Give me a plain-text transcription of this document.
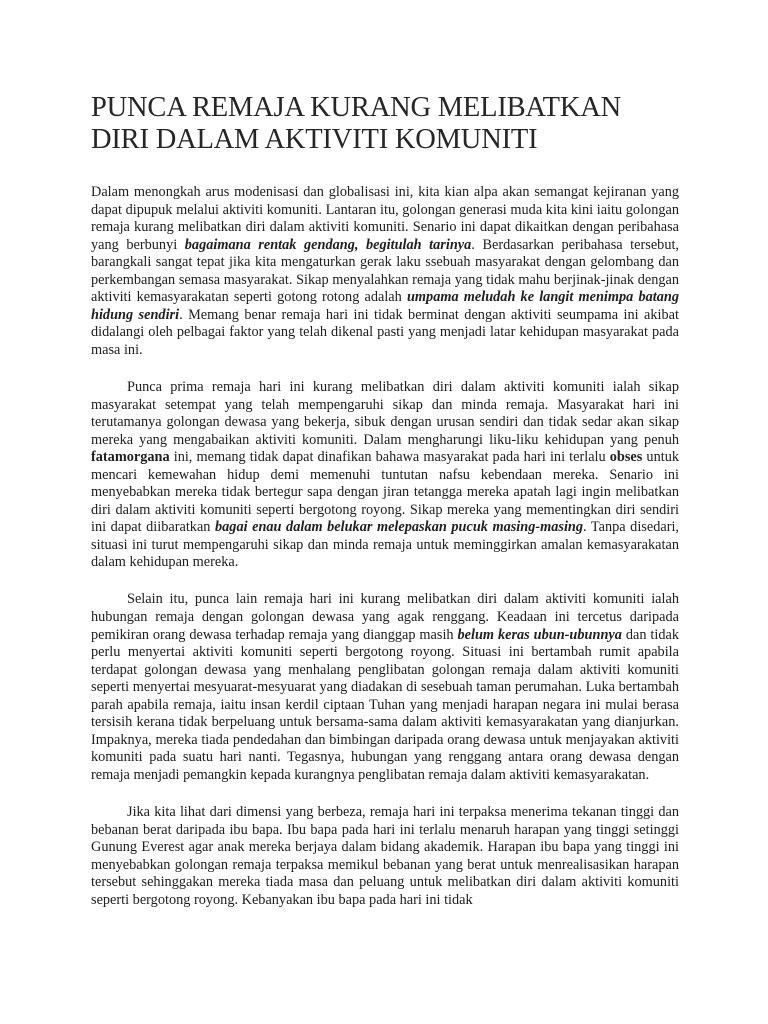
PUNCA REMAJA KURANG MELIBATKAN DIRI DALAM AKTIVITI KOMUNITI

Dalam menongkah arus modenisasi dan globalisasi ini, kita kian alpa akan semangat kejiranan yang dapat dipupuk melalui aktiviti komuniti. Lantaran itu, golongan generasi muda kita kini iaitu golongan remaja kurang melibatkan diri dalam aktiviti komuniti. Senario ini dapat dikaitkan dengan peribahasa yang berbunyi bagaimana rentak gendang, begitulah tarinya. Berdasarkan peribahasa tersebut, barangkali sangat tepat jika kita mengaturkan gerak laku ssebuah masyarakat dengan gelombang dan perkembangan semasa masyarakat. Sikap menyalahkan remaja yang tidak mahu berjinak-jinak dengan aktiviti kemasyarakatan seperti gotong rotong adalah umpama meludah ke langit menimpa batang hidung sendiri. Memang benar remaja hari ini tidak berminat dengan aktiviti seumpama ini akibat didalangi oleh pelbagai faktor yang telah dikenal pasti yang menjadi latar kehidupan masyarakat pada masa ini.

Punca prima remaja hari ini kurang melibatkan diri dalam aktiviti komuniti ialah sikap masyarakat setempat yang telah mempengaruhi sikap dan minda remaja. Masyarakat hari ini terutamanya golongan dewasa yang bekerja, sibuk dengan urusan sendiri dan tidak sedar akan sikap mereka yang mengabaikan aktiviti komuniti. Dalam mengharungi liku-liku kehidupan yang penuh fatamorgana ini, memang tidak dapat dinafikan bahawa masyarakat pada hari ini terlalu obses untuk mencari kemewahan hidup demi memenuhi tuntutan nafsu kebendaan mereka. Senario ini menyebabkan mereka tidak bertegur sapa dengan jiran tetangga mereka apatah lagi ingin melibatkan diri dalam aktiviti komuniti seperti bergotong royong. Sikap mereka yang mementingkan diri sendiri ini dapat diibaratkan bagai enau dalam belukar melepaskan pucuk masing-masing. Tanpa disedari, situasi ini turut mempengaruhi sikap dan minda remaja untuk meminggirkan amalan kemasyarakatan dalam kehidupan mereka.

Selain itu, punca lain remaja hari ini kurang melibatkan diri dalam aktiviti komuniti ialah hubungan remaja dengan golongan dewasa yang agak renggang. Keadaan ini tercetus daripada pemikiran orang dewasa terhadap remaja yang dianggap masih belum keras ubun-ubunnya dan tidak perlu menyertai aktiviti komuniti seperti bergotong royong. Situasi ini bertambah rumit apabila terdapat golongan dewasa yang menhalang penglibatan golongan remaja dalam aktiviti komuniti seperti menyertai mesyuarat-mesyuarat yang diadakan di sesebuah taman perumahan. Luka bertambah parah apabila remaja, iaitu insan kerdil ciptaan Tuhan yang menjadi harapan negara ini mulai berasa tersisih kerana tidak berpeluang untuk bersama-sama dalam aktiviti kemasyarakatan yang dianjurkan. Impaknya, mereka tiada pendedahan dan bimbingan daripada orang dewasa untuk menjayakan aktiviti komuniti pada suatu hari nanti. Tegasnya, hubungan yang renggang antara orang dewasa dengan remaja menjadi pemangkin kepada kurangnya penglibatan remaja dalam aktiviti kemasyarakatan.

Jika kita lihat dari dimensi yang berbeza, remaja hari ini terpaksa menerima tekanan tinggi dan bebanan berat daripada ibu bapa. Ibu bapa pada hari ini terlalu menaruh harapan yang tinggi setinggi Gunung Everest agar anak mereka berjaya dalam bidang akademik. Harapan ibu bapa yang tinggi ini menyebabkan golongan remaja terpaksa memikul bebanan yang berat untuk menrealisasikan harapan tersebut sehinggakan mereka tiada masa dan peluang untuk melibatkan diri dalam aktiviti komuniti seperti bergotong royong. Kebanyakan ibu bapa pada hari ini tidak
